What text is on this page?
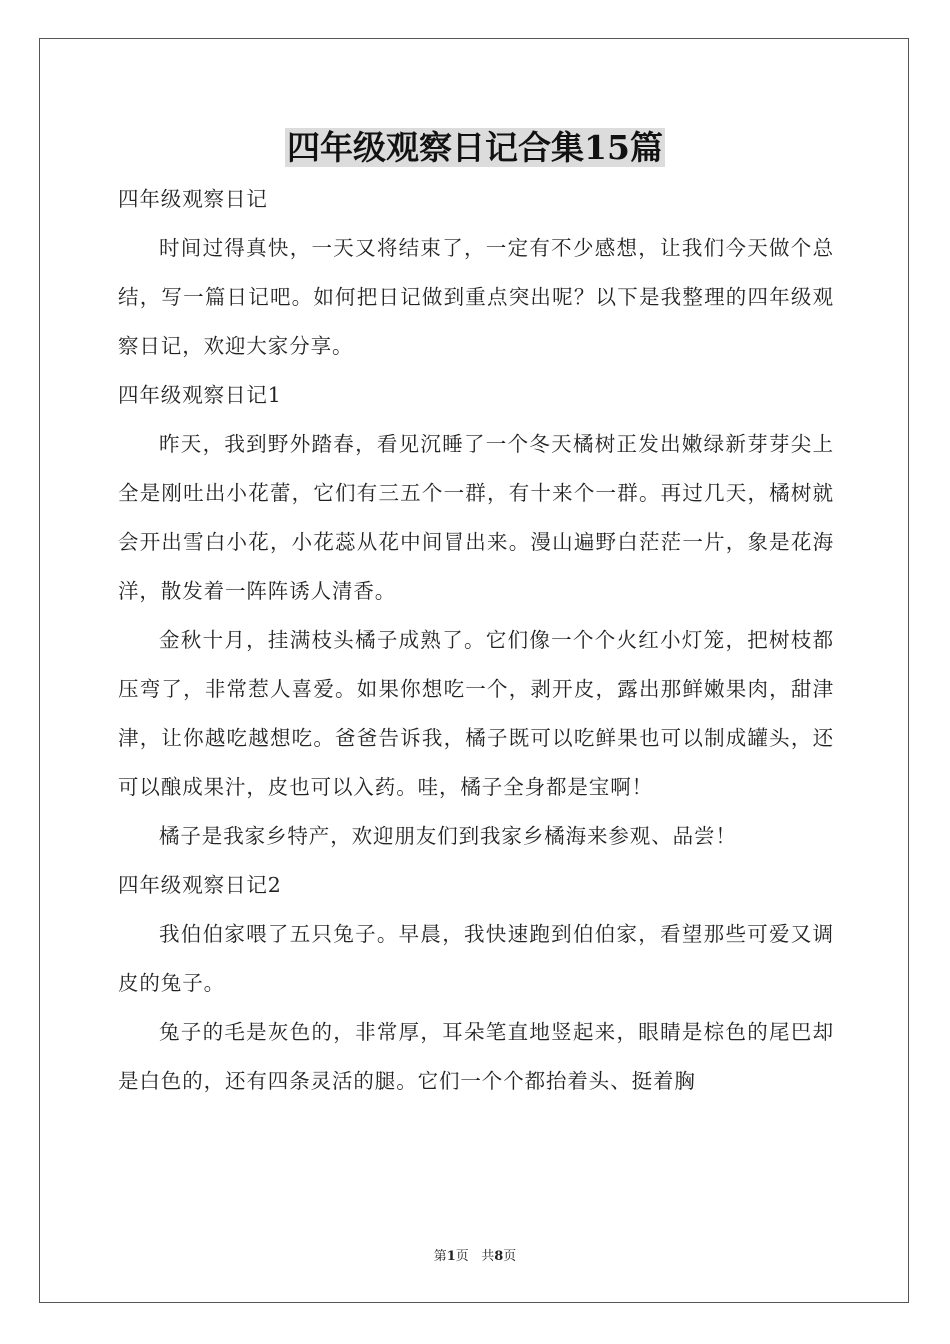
四年级观察日记合集15篇

四年级观察日记

时间过得真快，一天又将结束了，一定有不少感想，让我们今天做个总结，写一篇日记吧。如何把日记做到重点突出呢？以下是我整理的四年级观察日记，欢迎大家分享。

四年级观察日记1

昨天，我到野外踏春，看见沉睡了一个冬天橘树正发出嫩绿新芽芽尖上全是刚吐出小花蕾，它们有三五个一群，有十来个一群。再过几天，橘树就会开出雪白小花，小花蕊从花中间冒出来。漫山遍野白茫茫一片，象是花海洋，散发着一阵阵诱人清香。

金秋十月，挂满枝头橘子成熟了。它们像一个个火红小灯笼，把树枝都压弯了，非常惹人喜爱。如果你想吃一个，剥开皮，露出那鲜嫩果肉，甜津津，让你越吃越想吃。爸爸告诉我，橘子既可以吃鲜果也可以制成罐头，还可以酿成果汁，皮也可以入药。哇，橘子全身都是宝啊！

橘子是我家乡特产，欢迎朋友们到我家乡橘海来参观、品尝！

四年级观察日记2

我伯伯家喂了五只兔子。早晨，我快速跑到伯伯家，看望那些可爱又调皮的兔子。

兔子的毛是灰色的，非常厚，耳朵笔直地竖起来，眼睛是棕色的尾巴却是白色的，还有四条灵活的腿。它们一个个都抬着头、挺着胸

第1页 共8页
